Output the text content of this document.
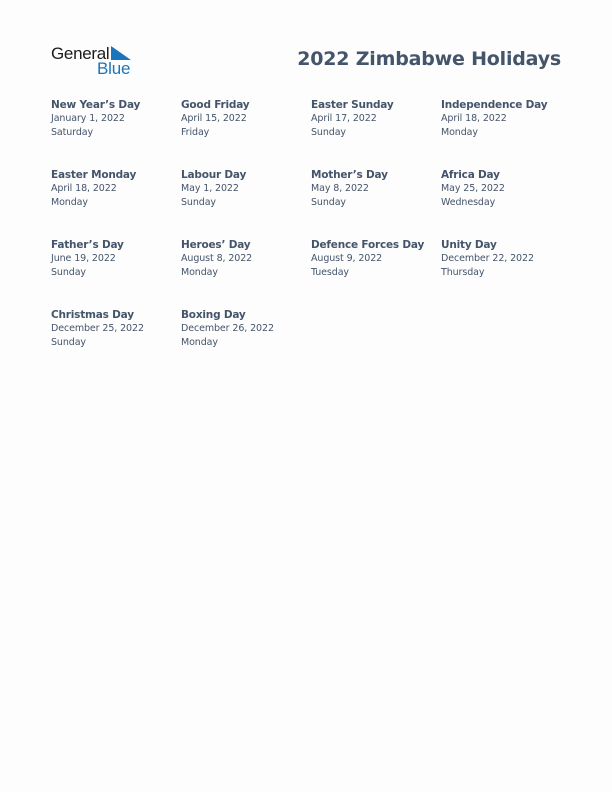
General
Blue	2022 Zimbabwe Holidays
New Year’s Day
January 1, 2022
Saturday
Good Friday
April 15, 2022
Friday
Easter Sunday
April 17, 2022
Sunday
Independence Day
April 18, 2022
Monday
Easter Monday
April 18, 2022
Monday
Labour Day
May 1, 2022
Sunday
Mother’s Day
May 8, 2022
Sunday
Africa Day
May 25, 2022
Wednesday
Father’s Day
June 19, 2022
Sunday
Heroes’ Day
August 8, 2022
Monday
Defence Forces Day
August 9, 2022
Tuesday
Unity Day
December 22, 2022
Thursday
Christmas Day
December 25, 2022
Sunday
Boxing Day
December 26, 2022
Monday
